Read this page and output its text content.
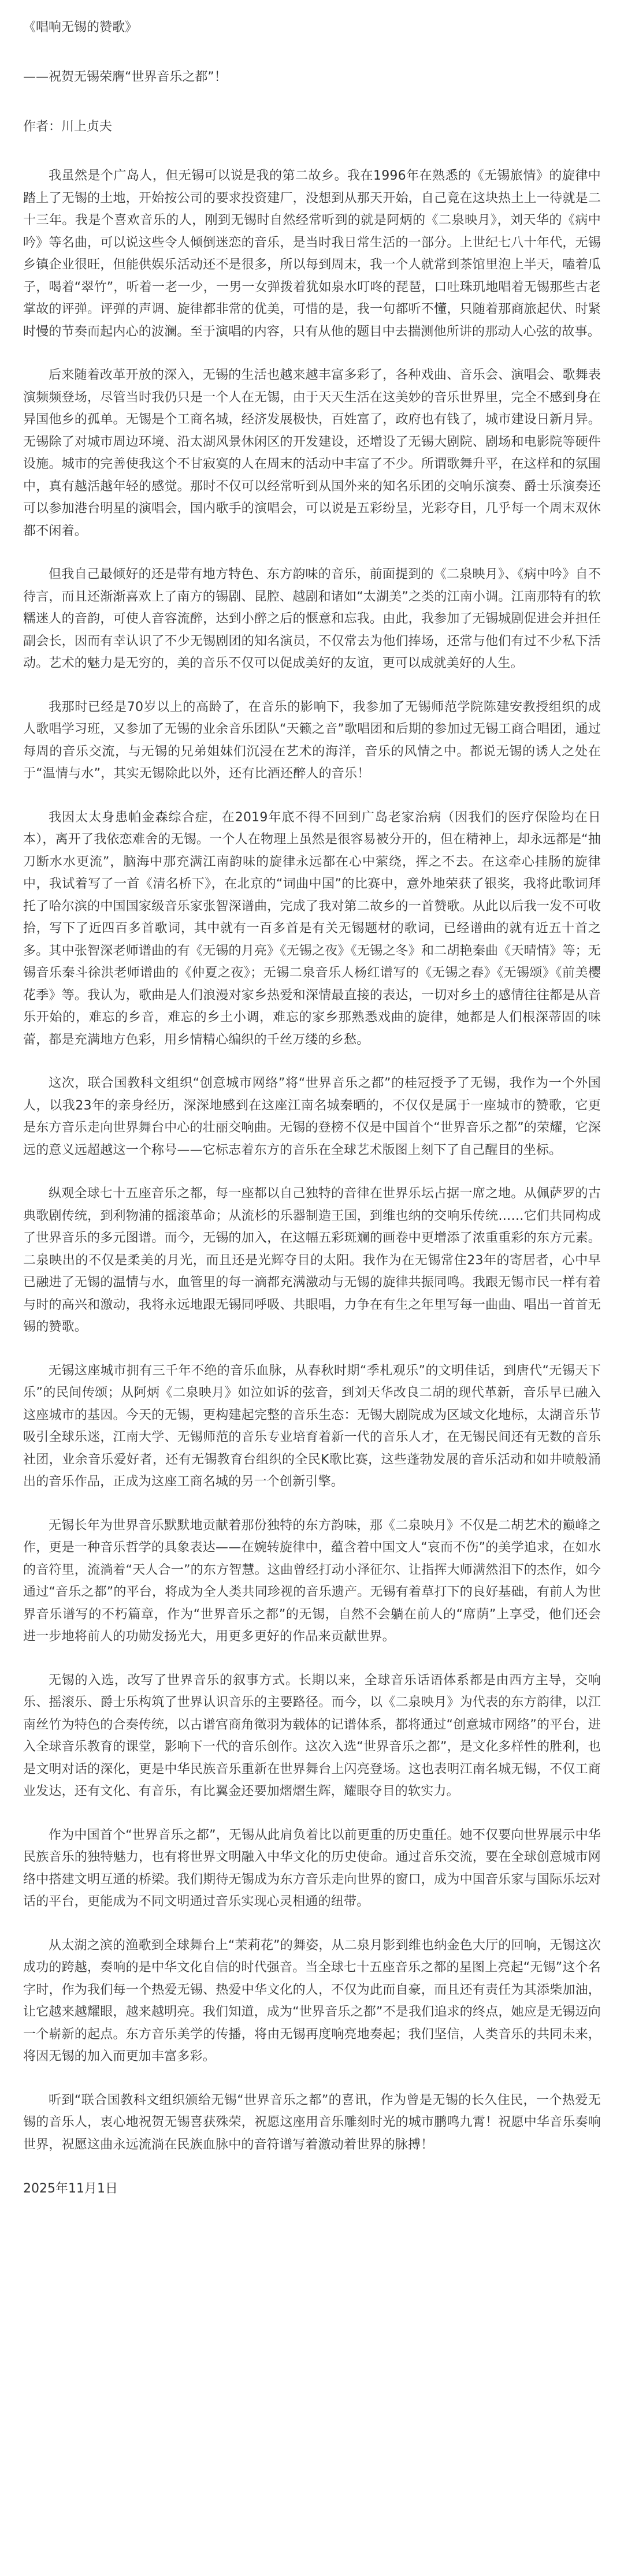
《唱响无锡的赞歌》
——祝贺无锡荣膺“世界音乐之都”！
作者：川上贞夫

我虽然是个广岛人，但无锡可以说是我的第二故乡。我在1996年在熟悉的《无锡旅情》的旋律中踏上了无锡的土地，开始按公司的要求投资建厂，没想到从那天开始，自己竟在这块热土上一待就是二十三年。我是个喜欢音乐的人，刚到无锡时自然经常听到的就是阿炳的《二泉映月》，刘天华的《病中吟》等名曲，可以说这些令人倾倒迷恋的音乐，是当时我日常生活的一部分。上世纪七八十年代，无锡乡镇企业很旺，但能供娱乐活动还不是很多，所以每到周末，我一个人就常到茶馆里泡上半天，嗑着瓜子，喝着“翠竹”，听着一老一少，一男一女弹拨着犹如泉水叮咚的琵琶，口吐珠玑地唱着无锡那些古老掌故的评弹。评弹的声调、旋律都非常的优美，可惜的是，我一句都听不懂，只随着那商旅起伏、时紧时慢的节奏而起内心的波澜。至于演唱的内容，只有从他的题目中去揣测他所讲的那动人心弦的故事。

后来随着改革开放的深入，无锡的生活也越来越丰富多彩了，各种戏曲、音乐会、演唱会、歌舞表演频频登场，尽管当时我仍只是一个人在无锡，由于天天生活在这美妙的音乐世界里，完全不感到身在异国他乡的孤单。无锡是个工商名城，经济发展极快，百姓富了，政府也有钱了，城市建设日新月异。无锡除了对城市周边环境、沿太湖风景休闲区的开发建设，还增设了无锡大剧院、剧场和电影院等硬件设施。城市的完善使我这个不甘寂寞的人在周末的活动中丰富了不少。所谓歌舞升平，在这样和的氛围中，真有越活越年轻的感觉。那时不仅可以经常听到从国外来的知名乐团的交响乐演奏、爵士乐演奏还可以参加港台明星的演唱会，国内歌手的演唱会，可以说是五彩纷呈，光彩夺目，几乎每一个周末双休都不闲着。

但我自己最倾好的还是带有地方特色、东方韵味的音乐，前面提到的《二泉映月》、《病中吟》自不待言，而且还渐渐喜欢上了南方的锡剧、昆腔、越剧和诸如“太湖美”之类的江南小调。江南那特有的软糯迷人的音韵，可使人音容流醉，达到小醉之后的惬意和忘我。由此，我参加了无锡城剧促进会并担任副会长，因而有幸认识了不少无锡剧团的知名演员，不仅常去为他们捧场，还常与他们有过不少私下活动。艺术的魅力是无穷的，美的音乐不仅可以促成美好的友谊，更可以成就美好的人生。

我那时已经是70岁以上的高龄了，在音乐的影响下，我参加了无锡师范学院陈建安教授组织的成人歌唱学习班，又参加了无锡的业余音乐团队“天籁之音”歌唱团和后期的参加过无锡工商合唱团，通过每周的音乐交流，与无锡的兄弟姐妹们沉浸在艺术的海洋，音乐的风情之中。都说无锡的诱人之处在于“温情与水”，其实无锡除此以外，还有比酒还醉人的音乐！

我因太太身患帕金森综合症，在2019年底不得不回到广岛老家治病（因我们的医疗保险均在日本），离开了我依恋难舍的无锡。一个人在物理上虽然是很容易被分开的，但在精神上，却永远都是“抽刀断水水更流”，脑海中那充满江南韵味的旋律永远都在心中萦绕，挥之不去。在这牵心挂肠的旋律中，我试着写了一首《清名桥下》，在北京的“词曲中国”的比赛中，意外地荣获了银奖，我将此歌词拜托了哈尔滨的中国国家级音乐家张智深谱曲，完成了我对第二故乡的一首赞歌。从此以后我一发不可收拾，写下了近四百多首歌词，其中就有一百多首是有关无锡题材的歌词，已经谱曲的就有近五十首之多。其中张智深老师谱曲的有《无锡的月亮》《无锡之夜》《无锡之冬》和二胡艳秦曲《天晴情》等；无锡音乐秦斗徐洪老师谱曲的《仲夏之夜》；无锡二泉音乐人杨红谱写的《无锡之春》《无锡颂》《前美樱花季》等。我认为，歌曲是人们浪漫对家乡热爱和深情最直接的表达，一切对乡土的感情往往都是从音乐开始的，难忘的乡音，难忘的乡土小调，难忘的家乡那熟悉戏曲的旋律，她都是人们根深蒂固的味蕾，都是充满地方色彩，用乡情精心编织的千丝万缕的乡愁。

这次，联合国教科文组织“创意城市网络”将“世界音乐之都”的桂冠授予了无锡，我作为一个外国人，以我23年的亲身经历，深深地感到在这座江南名城秦晒的，不仅仅是属于一座城市的赞歌，它更是东方音乐走向世界舞台中心的壮丽交响曲。无锡的登榜不仅是中国首个“世界音乐之都”的荣耀，它深远的意义远超越这一个称号——它标志着东方的音乐在全球艺术版图上刻下了自己醒目的坐标。

纵观全球七十五座音乐之都，每一座都以自己独特的音律在世界乐坛占据一席之地。从佩萨罗的古典歌剧传统，到利物浦的摇滚革命；从流杉的乐器制造王国，到维也纳的交响乐传统……它们共同构成了世界音乐的多元图谱。而今，无锡的加入，在这幅五彩斑斓的画卷中更增添了浓重重彩的东方元素。二泉映出的不仅是柔美的月光，而且还是光辉夺目的太阳。我作为在无锡常住23年的寄居者，心中早已融进了无锡的温情与水，血管里的每一滴都充满激动与无锡的旋律共振同鸣。我跟无锡市民一样有着与时的高兴和激动，我将永远地跟无锡同呼吸、共眼唱，力争在有生之年里写每一曲曲、唱出一首首无锡的赞歌。

无锡这座城市拥有三千年不绝的音乐血脉，从春秋时期“季札观乐”的文明佳话，到唐代“无锡天下乐”的民间传颂；从阿炳《二泉映月》如泣如诉的弦音，到刘天华改良二胡的现代革新，音乐早已融入这座城市的基因。今天的无锡，更构建起完整的音乐生态：无锡大剧院成为区域文化地标，太湖音乐节吸引全球乐迷，江南大学、无锡师范的音乐专业培育着新一代的音乐人才，在无锡民间还有无数的音乐社团，业余音乐爱好者，还有无锡教育台组织的全民K歌比赛，这些蓬勃发展的音乐活动和如井喷般涌出的音乐作品，正成为这座工商名城的另一个创新引擎。

无锡长年为世界音乐默默地贡献着那份独特的东方韵味，那《二泉映月》不仅是二胡艺术的巅峰之作，更是一种音乐哲学的具象表达——在婉转旋律中，蕴含着中国文人“哀而不伤”的美学追求，在如水的音符里，流淌着“天人合一”的东方智慧。这曲曾经打动小泽征尔、让指挥大师满然泪下的杰作，如今通过“音乐之都”的平台，将成为全人类共同珍视的音乐遗产。无锡有着草打下的良好基础，有前人为世界音乐谱写的不朽篇章，作为“世界音乐之都”的无锡，自然不会躺在前人的“席荫”上享受，他们还会进一步地将前人的功勋发扬光大，用更多更好的作品来贡献世界。

无锡的入选，改写了世界音乐的叙事方式。长期以来，全球音乐话语体系都是由西方主导，交响乐、摇滚乐、爵士乐构筑了世界认识音乐的主要路径。而今，以《二泉映月》为代表的东方韵律，以江南丝竹为特色的合奏传统，以古谱宫商角徵羽为载体的记谱体系，都将通过“创意城市网络”的平台，进入全球音乐教育的课堂，影响下一代的音乐创作。这次入选“世界音乐之都”，是文化多样性的胜利，也是文明对话的深化，更是中华民族音乐重新在世界舞台上闪亮登场。这也表明江南名城无锡，不仅工商业发达，还有文化、有音乐，有比翼金还要加熠熠生辉，耀眼夺目的软实力。

作为中国首个“世界音乐之都”，无锡从此肩负着比以前更重的历史重任。她不仅要向世界展示中华民族音乐的独特魅力，也有将世界文明融入中华文化的历史使命。通过音乐交流，要在全球创意城市网络中搭建文明互通的桥梁。我们期待无锡成为东方音乐走向世界的窗口，成为中国音乐家与国际乐坛对话的平台，更能成为不同文明通过音乐实现心灵相通的纽带。

从太湖之滨的渔歌到全球舞台上“茉莉花”的舞姿，从二泉月影到维也纳金色大厅的回响，无锡这次成功的跨越，奏响的是中华文化自信的时代强音。当全球七十五座音乐之都的星图上亮起“无锡”这个名字时，作为我们每一个热爱无锡、热爱中华文化的人，不仅为此而自豪，而且还有责任为其添柴加油，让它越来越耀眼，越来越明亮。我们知道，成为“世界音乐之都”不是我们追求的终点，她应是无锡迈向一个崭新的起点。东方音乐美学的传播，将由无锡再度响亮地奏起；我们坚信，人类音乐的共同未来，将因无锡的加入而更加丰富多彩。

听到“联合国教科文组织颁给无锡“世界音乐之都”的喜讯，作为曾是无锡的长久住民，一个热爱无锡的音乐人，衷心地祝贺无锡喜获殊荣，祝愿这座用音乐雕刻时光的城市鹏鸣九霄！祝愿中华音乐奏响世界，祝愿这曲永远流淌在民族血脉中的音符谱写着激动着世界的脉搏！

2025年11月1日
